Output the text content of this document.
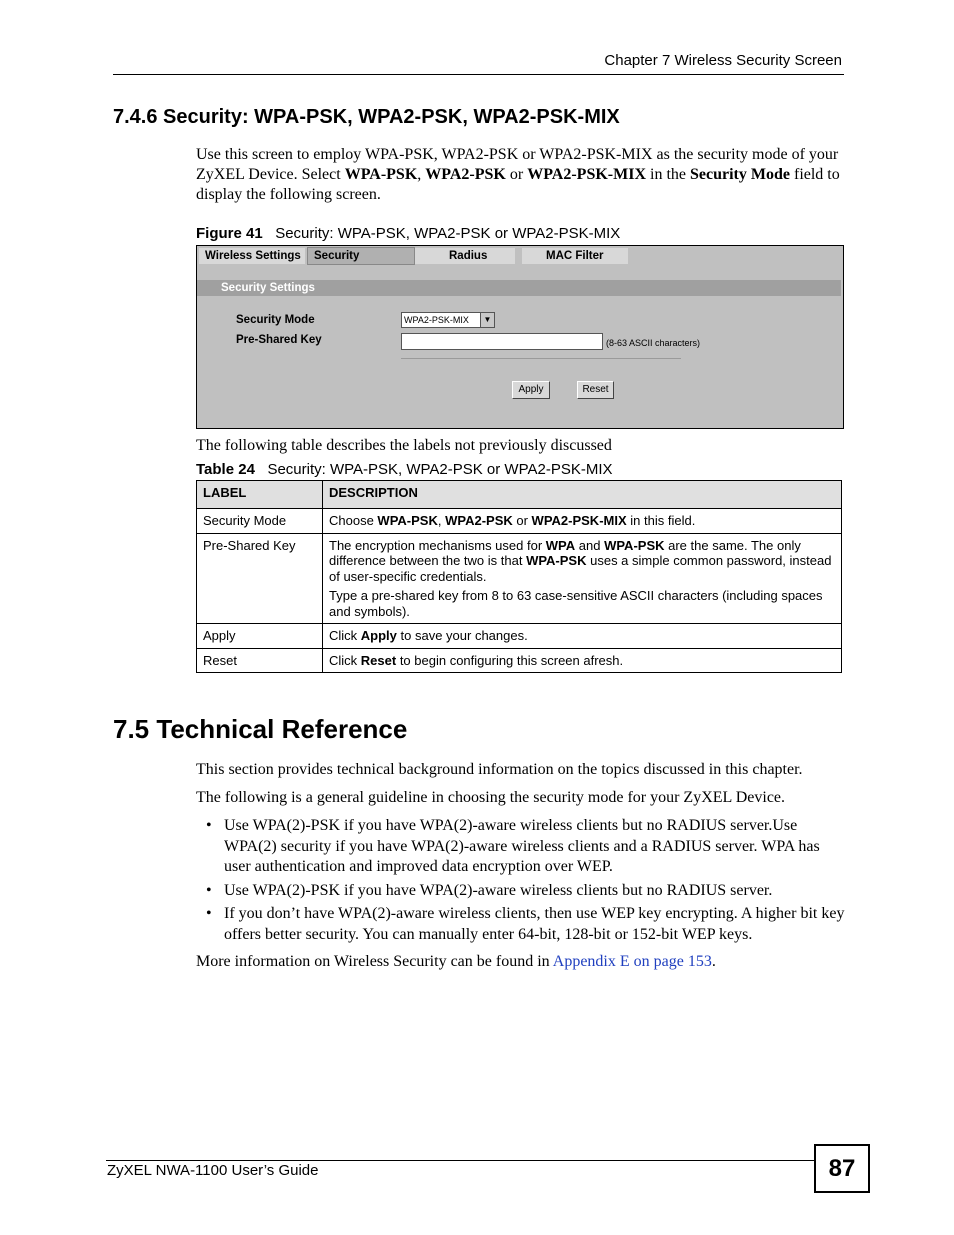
Chapter 7 Wireless Security Screen
7.4.6 Security: WPA-PSK, WPA2-PSK, WPA2-PSK-MIX
Use this screen to employ WPA-PSK, WPA2-PSK or WPA2-PSK-MIX as the security mode of your ZyXEL Device. Select WPA-PSK, WPA2-PSK or WPA2-PSK-MIX in the Security Mode field to display the following screen.
Figure 41 Security: WPA-PSK, WPA2-PSK or WPA2-PSK-MIX
Wireless Settings	Security	Radius	MAC Filter
Security Settings
Security Mode	WPA2-PSK-MIX	▼
Pre-Shared Key	(8-63 ASCII characters)
Apply	Reset
The following table describes the labels not previously discussed
Table 24 Security: WPA-PSK, WPA2-PSK or WPA2-PSK-MIX
LABEL	DESCRIPTION
Security Mode	Choose WPA-PSK, WPA2-PSK or WPA2-PSK-MIX in this field.
Pre-Shared Key	The encryption mechanisms used for WPA and WPA-PSK are the same. The only difference between the two is that WPA-PSK uses a simple common password, instead of user-specific credentials.

Type a pre-shared key from 8 to 63 case-sensitive ASCII characters (including spaces and symbols).

Apply	Click Apply to save your changes.
Reset	Click Reset to begin configuring this screen afresh.
7.5 Technical Reference
This section provides technical background information on the topics discussed in this chapter.
The following is a general guideline in choosing the security mode for your ZyXEL Device.
• Use WPA(2)-PSK if you have WPA(2)-aware wireless clients but no RADIUS server.Use WPA(2) security if you have WPA(2)-aware wireless clients and a RADIUS server. WPA has user authentication and improved data encryption over WEP.
• Use WPA(2)-PSK if you have WPA(2)-aware wireless clients but no RADIUS server.
• If you don’t have WPA(2)-aware wireless clients, then use WEP key encrypting. A higher bit key offers better security. You can manually enter 64-bit, 128-bit or 152-bit WEP keys.
More information on Wireless Security can be found in Appendix E on page 153.
ZyXEL NWA-1100 User’s Guide	87
